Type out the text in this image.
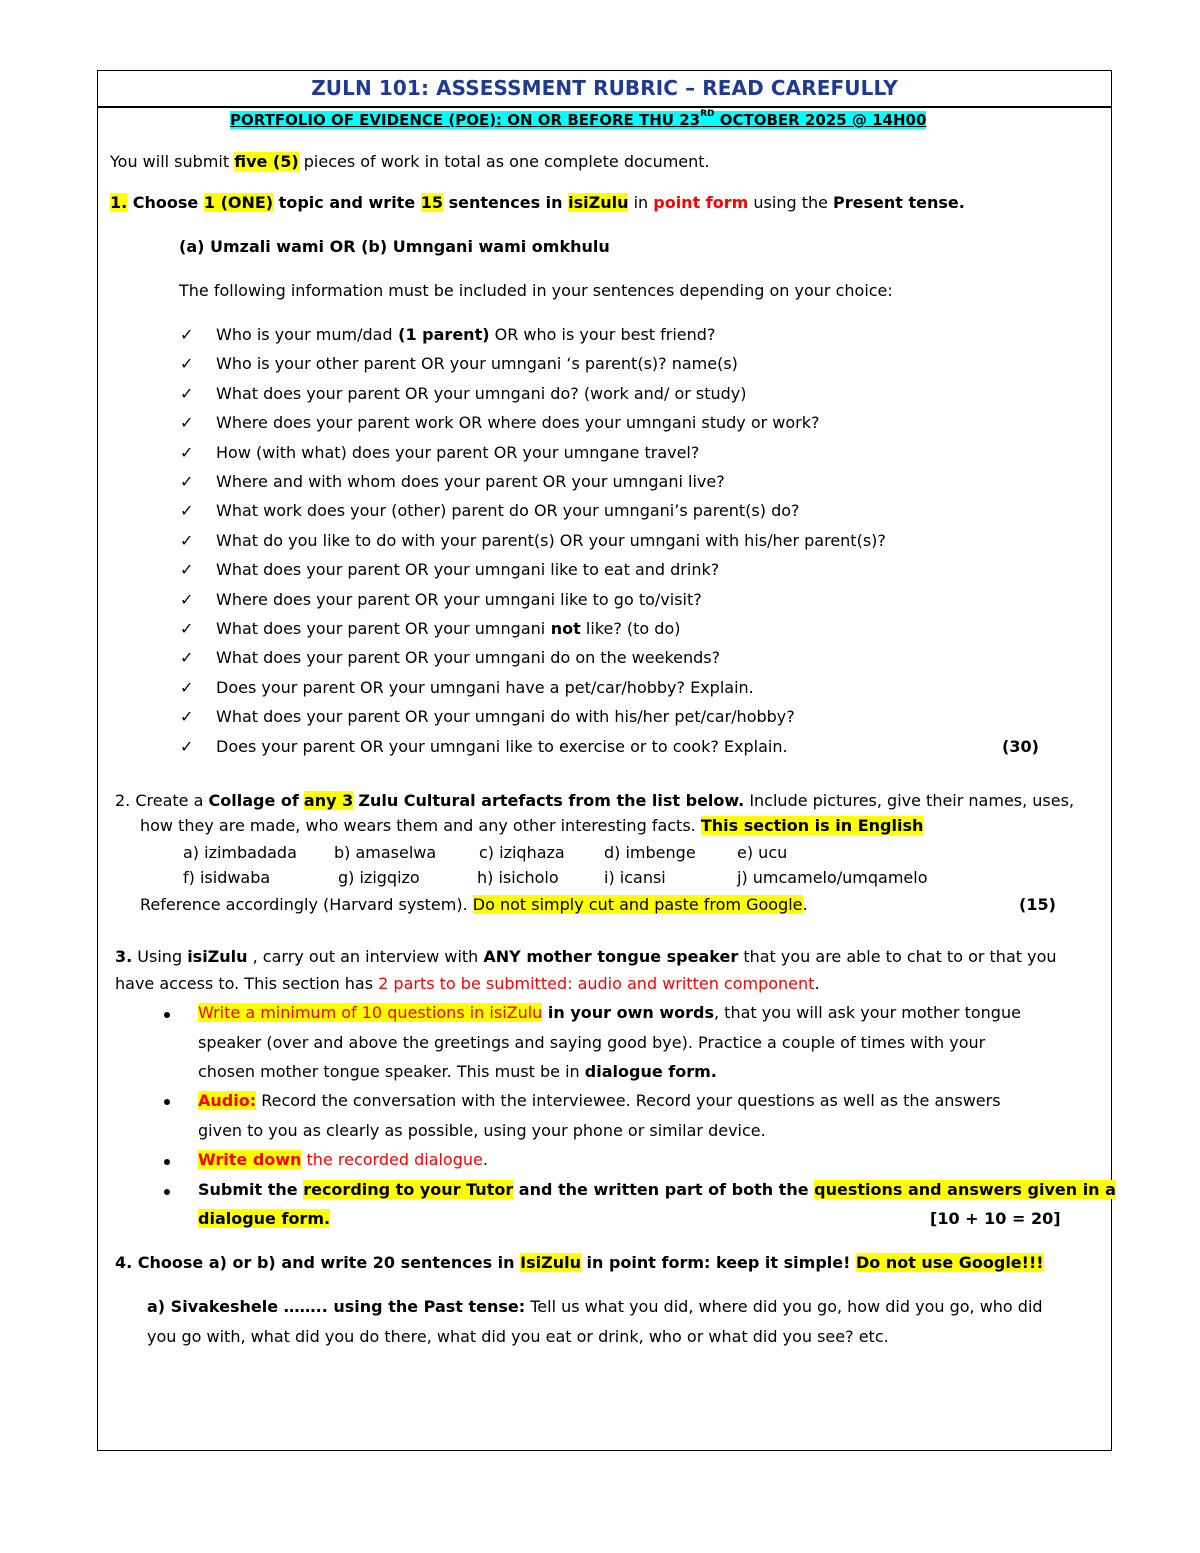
ZULN 101: ASSESSMENT RUBRIC – READ CAREFULLY
PORTFOLIO OF EVIDENCE (POE): ON OR BEFORE THU 23RD OCTOBER 2025 @ 14H00
You will submit five (5) pieces of work in total as one complete document.
1. Choose 1 (ONE) topic and write 15 sentences in isiZulu in point form using the Present tense.
(a) Umzali wami OR (b) Umngani wami omkhulu
The following information must be included in your sentences depending on your choice:
✓ Who is your mum/dad (1 parent) OR who is your best friend?
✓ Who is your other parent OR your umngani ‘s parent(s)? name(s)
✓ What does your parent OR your umngani do? (work and/ or study)
✓ Where does your parent work OR where does your umngani study or work?
✓ How (with what) does your parent OR your umngane travel?
✓ Where and with whom does your parent OR your umngani live?
✓ What work does your (other) parent do OR your umngani’s parent(s) do?
✓ What do you like to do with your parent(s) OR your umngani with his/her parent(s)?
✓ What does your parent OR your umngani like to eat and drink?
✓ Where does your parent OR your umngani like to go to/visit?
✓ What does your parent OR your umngani not like? (to do)
✓ What does your parent OR your umngani do on the weekends?
✓ Does your parent OR your umngani have a pet/car/hobby? Explain.
✓ What does your parent OR your umngani do with his/her pet/car/hobby?
✓ Does your parent OR your umngani like to exercise or to cook? Explain.	(30)
2. Create a Collage of any 3 Zulu Cultural artefacts from the list below. Include pictures, give their names, uses,
how they are made, who wears them and any other interesting facts. This section is in English
a) izimbadada b) amaselwa	c) iziqhaza d) imbenge	e) ucu
f) isidwaba	g) izigqizo	h) isicholo	i) icansi	j) umcamelo/umqamelo
Reference accordingly (Harvard system). Do not simply cut and paste from Google.	(15)
3. Using isiZulu , carry out an interview with ANY mother tongue speaker that you are able to chat to or that you
have access to. This section has 2 parts to be submitted: audio and written component.
Write a minimum of 10 questions in isiZulu in your own words, that you will ask your mother tongue
speaker (over and above the greetings and saying good bye). Practice a couple of times with your
chosen mother tongue speaker. This must be in dialogue form.
Audio: Record the conversation with the interviewee. Record your questions as well as the answers
given to you as clearly as possible, using your phone or similar device.
Write down the recorded dialogue.
Submit the recording to your Tutor and the written part of both the questions and answers given in a
dialogue form.	[10 + 10 = 20]
4. Choose a) or b) and write 20 sentences in IsiZulu in point form: keep it simple! Do not use Google!!!
a) Sivakeshele …….. using the Past tense: Tell us what you did, where did you go, how did you go, who did
you go with, what did you do there, what did you eat or drink, who or what did you see? etc.
